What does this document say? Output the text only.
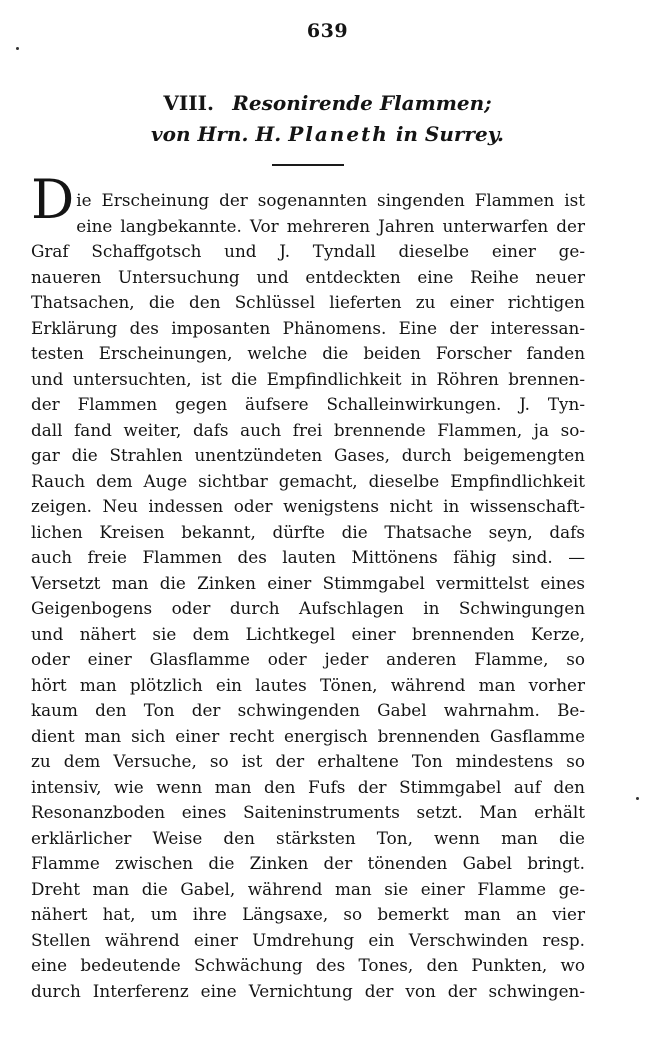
639
VIII. Resonirende Flammen;
von Hrn. H. Planeth in Surrey.
D ie Erscheinung der sogenannten singenden Flammen ist
eine langbekannte. Vor mehreren Jahren unterwarfen der
Graf Schaffgotsch und J. Tyndall dieselbe einer ge-
naueren Untersuchung und entdeckten eine Reihe neuer
Thatsachen, die den Schlüssel lieferten zu einer richtigen
Erklärung des imposanten Phänomens. Eine der interessan-
testen Erscheinungen, welche die beiden Forscher fanden
und untersuchten, ist die Empfindlichkeit in Röhren brennen-
der Flammen gegen äufsere Schalleinwirkungen. J. Tyn-
dall fand weiter, dafs auch frei brennende Flammen, ja so-
gar die Strahlen unentzündeten Gases, durch beigemengten
Rauch dem Auge sichtbar gemacht, dieselbe Empfindlichkeit
zeigen. Neu indessen oder wenigstens nicht in wissenschaft-
lichen Kreisen bekannt, dürfte die Thatsache seyn, dafs
auch freie Flammen des lauten Mittönens fähig sind. —
Versetzt man die Zinken einer Stimmgabel vermittelst eines
Geigenbogens oder durch Aufschlagen in Schwingungen
und nähert sie dem Lichtkegel einer brennenden Kerze,
oder einer Glasflamme oder jeder anderen Flamme, so
hört man plötzlich ein lautes Tönen, während man vorher
kaum den Ton der schwingenden Gabel wahrnahm. Be-
dient man sich einer recht energisch brennenden Gasflamme
zu dem Versuche, so ist der erhaltene Ton mindestens so
intensiv, wie wenn man den Fufs der Stimmgabel auf den
Resonanzboden eines Saiteninstruments setzt. Man erhält
erklärlicher Weise den stärksten Ton, wenn man die
Flamme zwischen die Zinken der tönenden Gabel bringt.
Dreht man die Gabel, während man sie einer Flamme ge-
nähert hat, um ihre Längsaxe, so bemerkt man an vier
Stellen während einer Umdrehung ein Verschwinden resp.
eine bedeutende Schwächung des Tones, den Punkten, wo
durch Interferenz eine Vernichtung der von der schwingen-
